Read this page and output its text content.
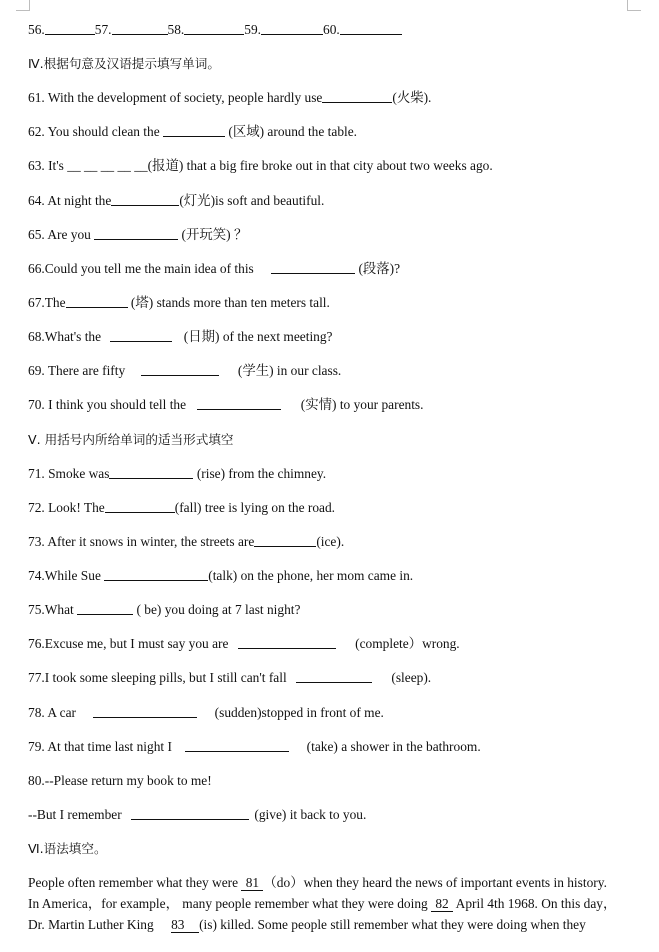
56.	57.	58.	59.	60.
Ⅳ.根据句意及汉语提示填写单词。
61. With the development of society, people hardly use	(火柴).
62. You should clean the	(区域) around the table.
63. It's __ __ __ __ __(报道) that a big fire broke out in that city about two weeks ago.
64. At night the	(灯光)is soft and beautiful.
65. Are you	(开玩笑) ？
66.Could you tell me the main idea of this	(段落)?
67.The	(塔) stands more than ten meters tall.
68.What's the	(日期) of the next meeting?
69. There are fifty	(学生) in our class.
70. I think you should tell the	(实情) to your parents.
Ⅴ. 用括号内所给单词的适当形式填空
71. Smoke was	(rise) from the chimney.
72. Look! The	(fall) tree is lying on the road.
73. After it snows in winter, the streets are	(ice).
74.While Sue	(talk) on the phone, her mom came in.
75.What	( be) you doing at 7 last night?
76.Excuse me, but I must say you are	(complete）wrong.
77.I took some sleeping pills, but I still can't fall	(sleep).
78. A car	(sudden)stopped in front of me.
79. At that time last night I	(take) a shower in the bathroom.
80.--Please return my book to me!
--But I remember	(give) it back to you.
Ⅵ.语法填空。
People often remember what they were 81 （do）when they heard the news of important events in history.
In America，for example， many people remember what they were doing 82 April 4th 1968. On this day，
Dr. Martin Luther King 83 (is) killed. Some people still remember what they were doing when they
